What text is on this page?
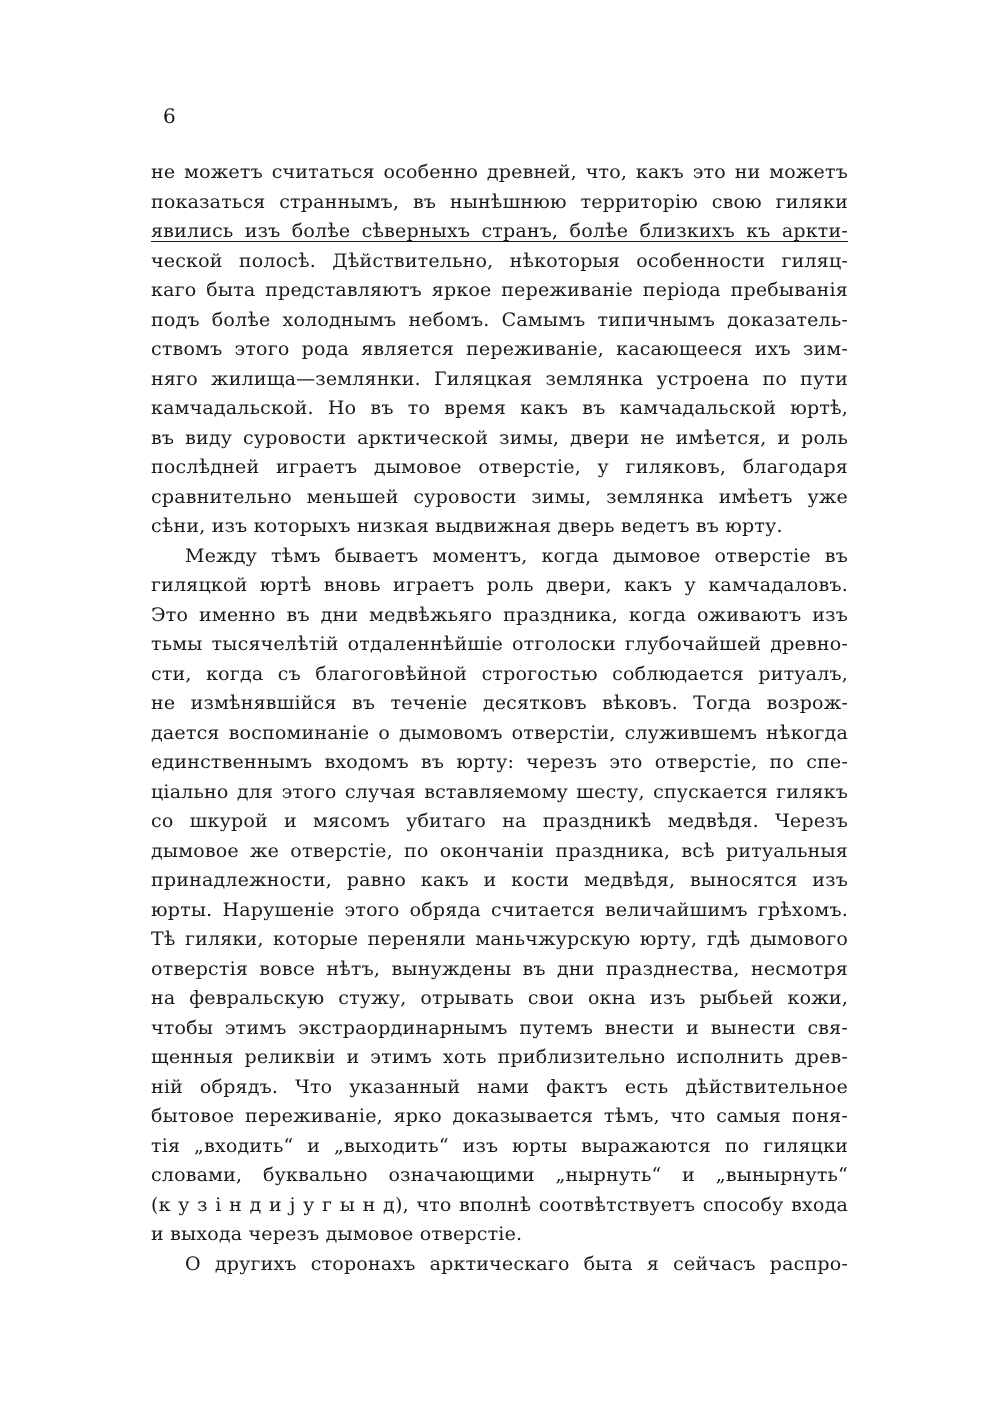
6
не можетъ считаться особенно древней, что, какъ это ни можетъ
показаться страннымъ, въ нынѣшнюю территорію свою гиляки
явились изъ болѣе сѣверныхъ странъ, болѣе близкихъ къ аркти-
ческой полосѣ. Дѣйствительно, нѣкоторыя особенности гиляц-
каго быта представляютъ яркое переживаніе періода пребыванія
подъ болѣе холоднымъ небомъ. Самымъ типичнымъ доказатель-
ствомъ этого рода является переживаніе, касающееся ихъ зим-
няго жилища—землянки. Гиляцкая землянка устроена по пути
камчадальской. Но въ то время какъ въ камчадальской юртѣ,
въ виду суровости арктической зимы, двери не имѣется, и роль
послѣдней играетъ дымовое отверстіе, у гиляковъ, благодаря
сравнительно меньшей суровости зимы, землянка имѣетъ уже
сѣни, изъ которыхъ низкая выдвижная дверь ведетъ въ юрту.
Между тѣмъ бываетъ моментъ, когда дымовое отверстіе въ
гиляцкой юртѣ вновь играетъ роль двери, какъ у камчадаловъ.
Это именно въ дни медвѣжьяго праздника, когда оживаютъ изъ
тьмы тысячелѣтій отдаленнѣйшіе отголоски глубочайшей древно-
сти, когда съ благоговѣйной строгостью соблюдается ритуалъ,
не измѣнявшійся въ теченіе десятковъ вѣковъ. Тогда возрож-
дается воспоминаніе о дымовомъ отверстіи, служившемъ нѣкогда
единственнымъ входомъ въ юрту: черезъ это отверстіе, по спе-
ціально для этого случая вставляемому шесту, спускается гилякъ
со шкурой и мясомъ убитаго на праздникѣ медвѣдя. Черезъ
дымовое же отверстіе, по окончаніи праздника, всѣ ритуальныя
принадлежности, равно какъ и кости медвѣдя, выносятся изъ
юрты. Нарушеніе этого обряда считается величайшимъ грѣхомъ.
Тѣ гиляки, которые переняли маньчжурскую юрту, гдѣ дымового
отверстія вовсе нѣтъ, вынуждены въ дни празднества, несмотря
на февральскую стужу, отрывать свои окна изъ рыбьей кожи,
чтобы этимъ экстраординарнымъ путемъ внести и вынести свя-
щенныя реликвіи и этимъ хоть приблизительно исполнить древ-
ній обрядъ. Что указанный нами фактъ есть дѣйствительное
бытовое переживаніе, ярко доказывается тѣмъ, что самыя поня-
тія „входить“ и „выходить“ изъ юрты выражаются по гиляцки
словами, буквально означающими „нырнуть“ и „вынырнуть“
(к у з і н д и ј у г ы н д), что вполнѣ соотвѣтствуетъ способу входа
и выхода черезъ дымовое отверстіе.
О другихъ сторонахъ арктическаго быта я сейчасъ распро-
